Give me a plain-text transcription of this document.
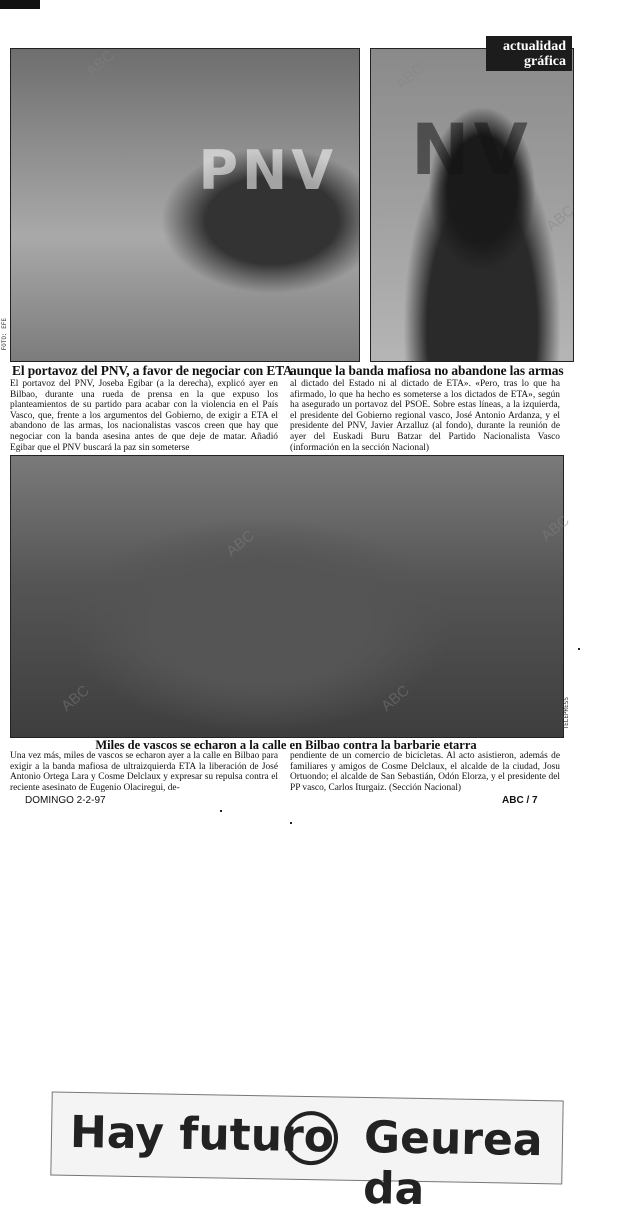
PNV NV
actualidad
gráfica
FOTO: EFE
El portavoz del PNV, a favor de negociar con ETA
aunque la banda mafiosa no abandone las armas
El portavoz del PNV, Joseba Egibar (a la derecha), explicó ayer en Bilbao, durante una rueda de prensa en la que expuso los planteamientos de su partido para acabar con la violencia en el País Vasco, que, frente a los argumentos del Gobierno, de exigir a ETA el abandono de las armas, los nacionalistas vascos creen que hay que negociar con la banda asesina antes de que deje de matar. Añadió Egibar que el PNV buscará la paz sin someterse
al dictado del Estado ni al dictado de ETA». «Pero, tras lo que ha afirmado, lo que ha hecho es someterse a los dictados de ETA», según ha asegurado un portavoz del PSOE. Sobre estas líneas, a la izquierda, el presidente del Gobierno regional vasco, José Antonio Ardanza, y el presidente del PNV, Javier Arzalluz (al fondo), durante la reunión de ayer del Euskadi Buru Batzar del Partido Nacionalista Vasco (información en la sección Nacional)
Hay futuro Geurea da
TELEPRESS
Miles de vascos se echaron a la calle en Bilbao contra la barbarie etarra
Una vez más, miles de vascos se echaron ayer a la calle en Bilbao para exigir a la banda mafiosa de ultraizquierda ETA la liberación de José Antonio Ortega Lara y Cosme Delclaux y expresar su repulsa contra el reciente asesinato de Eugenio Olaciregui, de-
pendiente de un comercio de bicicletas. Al acto asistieron, además de familiares y amigos de Cosme Delclaux, el alcalde de la ciudad, Josu Ortuondo; el alcalde de San Sebastián, Odón Elorza, y el presidente del PP vasco, Carlos Iturgaiz. (Sección Nacional)
DOMINGO 2-2-97	ABC / 7
ABC	ABC
ABC
ABC	ABC
ABC	ABC
